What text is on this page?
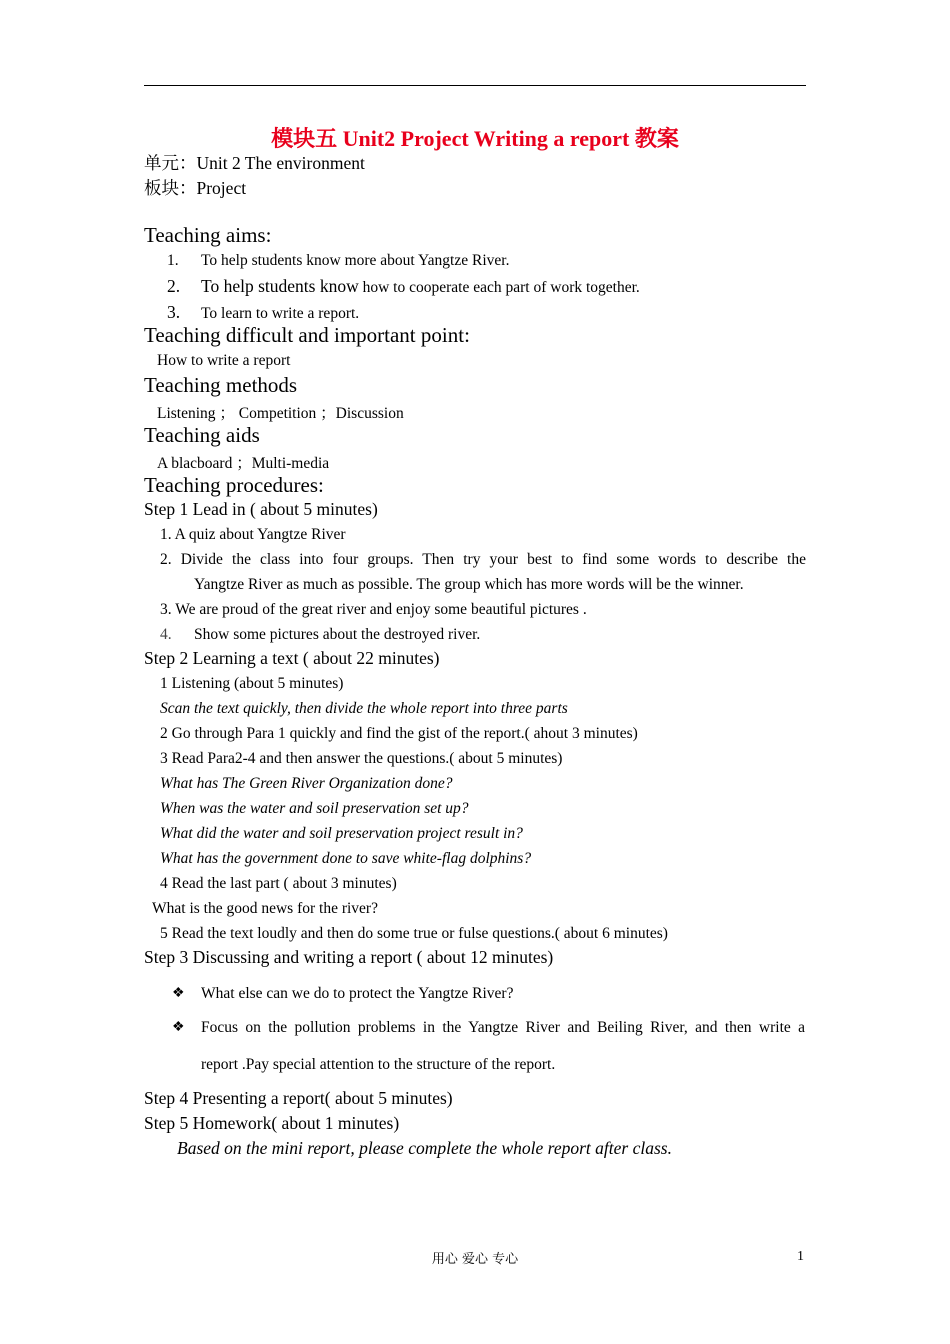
模块五 Unit2 Project Writing a report 教案
单元：Unit 2 The environment
板块：Project
Teaching aims:
1. To help students know more about Yangtze River.
2. To help students know how to cooperate each part of work together.
3. To learn to write a report.
Teaching difficult and important point:
How to write a report
Teaching methods
Listening ； Competition ；Discussion
Teaching aids
A blacboard ；Multi-media
Teaching procedures:
Step 1 Lead in ( about 5 minutes)
1. A quiz about Yangtze River
2. Divide the class into four groups. Then try your best to find some words to describe the
Yangtze River as much as possible. The group which has more words will be the winner.
3. We are proud of the great river and enjoy some beautiful pictures .
4. Show some pictures about the destroyed river.
Step 2 Learning a text ( about 22 minutes)
1 Listening (about 5 minutes)
Scan the text quickly, then divide the whole report into three parts
2 Go through Para 1 quickly and find the gist of the report.( ahout 3 minutes)
3 Read Para2-4 and then answer the questions.( about 5 minutes)
What has The Green River Organization done?
When was the water and soil preservation set up?
What did the water and soil preservation project result in?
What has the government done to save white-flag dolphins?
4 Read the last part ( about 3 minutes)
What is the good news for the river?
5 Read the text loudly and then do some true or fulse questions.( about 6 minutes)
Step 3 Discussing and writing a report ( about 12 minutes)
❖ What else can we do to protect the Yangtze River?
❖ Focus on the pollution problems in the Yangtze River and Beiling River, and then write a
report .Pay special attention to the structure of the report.
Step 4 Presenting a report( about 5 minutes)
Step 5 Homework( about 1 minutes)
Based on the mini report, please complete the whole report after class.
用心 爱心 专心	1
